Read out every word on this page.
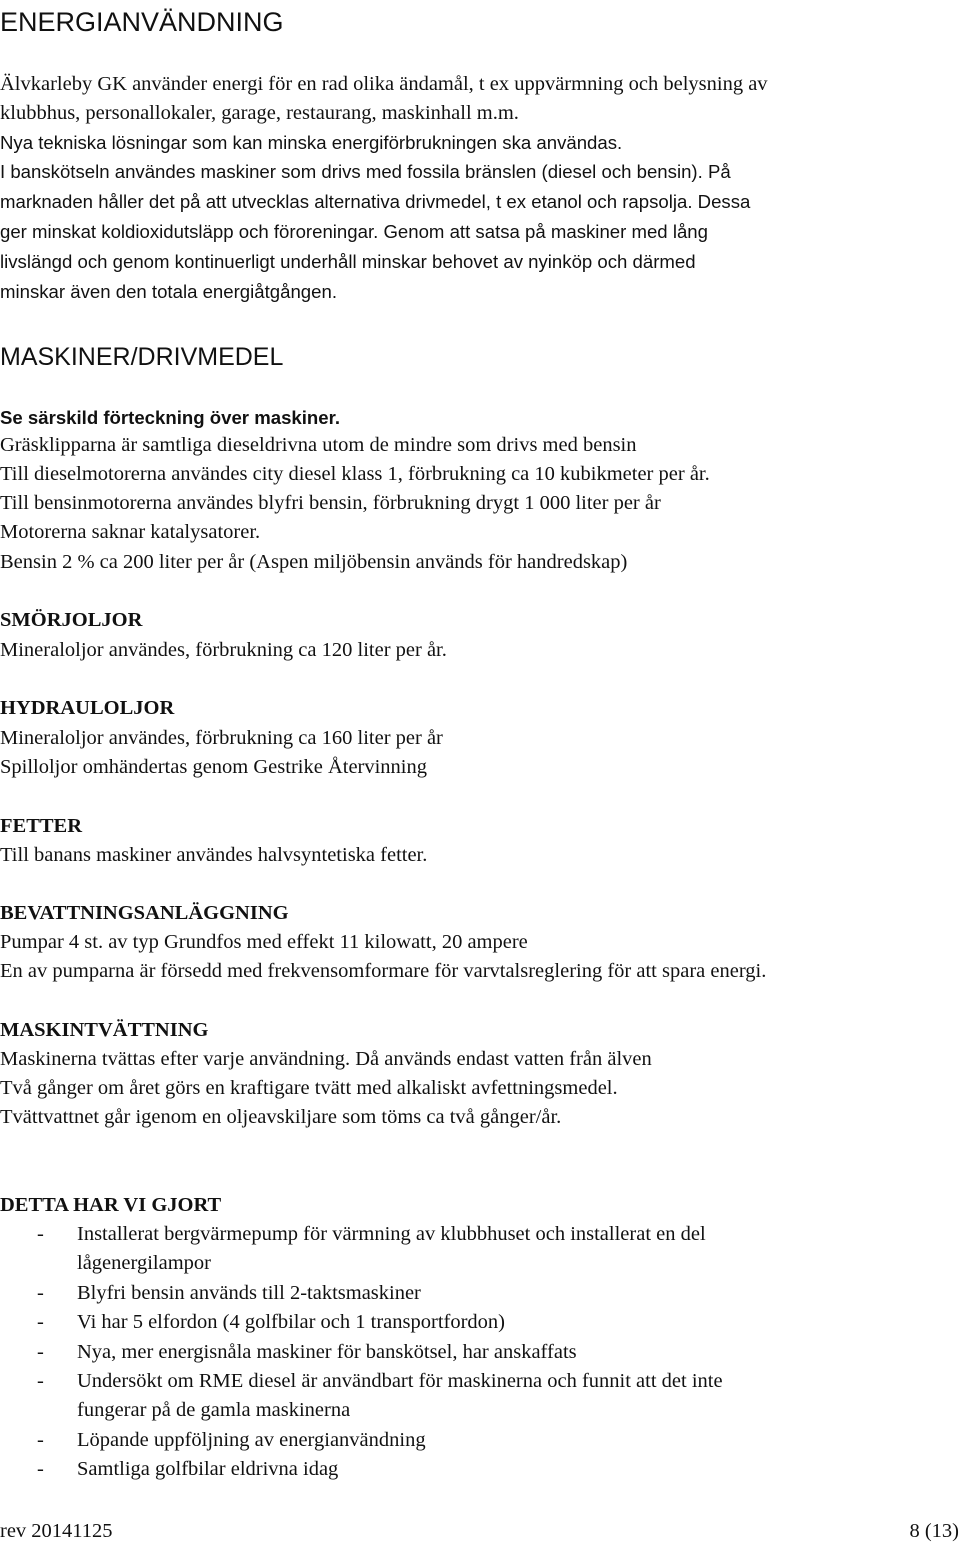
ENERGIANVÄNDNING
Älvkarleby GK använder energi för en rad olika ändamål, t ex uppvärmning och belysning av
klubbhus, personallokaler, garage, restaurang, maskinhall m.m.
Nya tekniska lösningar som kan minska energiförbrukningen ska användas.
I banskötseln användes maskiner som drivs med fossila bränslen (diesel och bensin). På
marknaden håller det på att utvecklas alternativa drivmedel, t ex etanol och rapsolja. Dessa
ger minskat koldioxidutsläpp och föroreningar. Genom att satsa på maskiner med lång
livslängd och genom kontinuerligt underhåll minskar behovet av nyinköp och därmed
minskar även den totala energiåtgången.
MASKINER/DRIVMEDEL
Se särskild förteckning över maskiner.
Gräsklipparna är samtliga dieseldrivna utom de mindre som drivs med bensin
Till dieselmotorerna användes city diesel klass 1, förbrukning ca 10 kubikmeter per år.
Till bensinmotorerna användes blyfri bensin, förbrukning drygt 1 000 liter per år
Motorerna saknar katalysatorer.
Bensin 2 % ca 200 liter per år (Aspen miljöbensin används för handredskap)
SMÖRJOLJOR
Mineraloljor användes, förbrukning ca 120 liter per år.
HYDRAULOLJOR
Mineraloljor användes, förbrukning ca 160 liter per år
Spilloljor omhändertas genom Gestrike Återvinning
FETTER
Till banans maskiner användes halvsyntetiska fetter.
BEVATTNINGSANLÄGGNING
Pumpar 4 st. av typ Grundfos med effekt 11 kilowatt, 20 ampere
En av pumparna är försedd med frekvensomformare för varvtalsreglering för att spara energi.
MASKINTVÄTTNING
Maskinerna tvättas efter varje användning. Då används endast vatten från älven
Två gånger om året görs en kraftigare tvätt med alkaliskt avfettningsmedel.
Tvättvattnet går igenom en oljeavskiljare som töms ca två gånger/år.
DETTA HAR VI GJORT
- Installerat bergvärmepump för värmning av klubbhuset och installerat en del
lågenergilampor
- Blyfri bensin används till 2-taktsmaskiner
- Vi har 5 elfordon (4 golfbilar och 1 transportfordon)
- Nya, mer energisnåla maskiner för banskötsel, har anskaffats
- Undersökt om RME diesel är användbart för maskinerna och funnit att det inte
fungerar på de gamla maskinerna
- Löpande uppföljning av energianvändning
- Samtliga golfbilar eldrivna idag
rev 20141125	8 (13)
